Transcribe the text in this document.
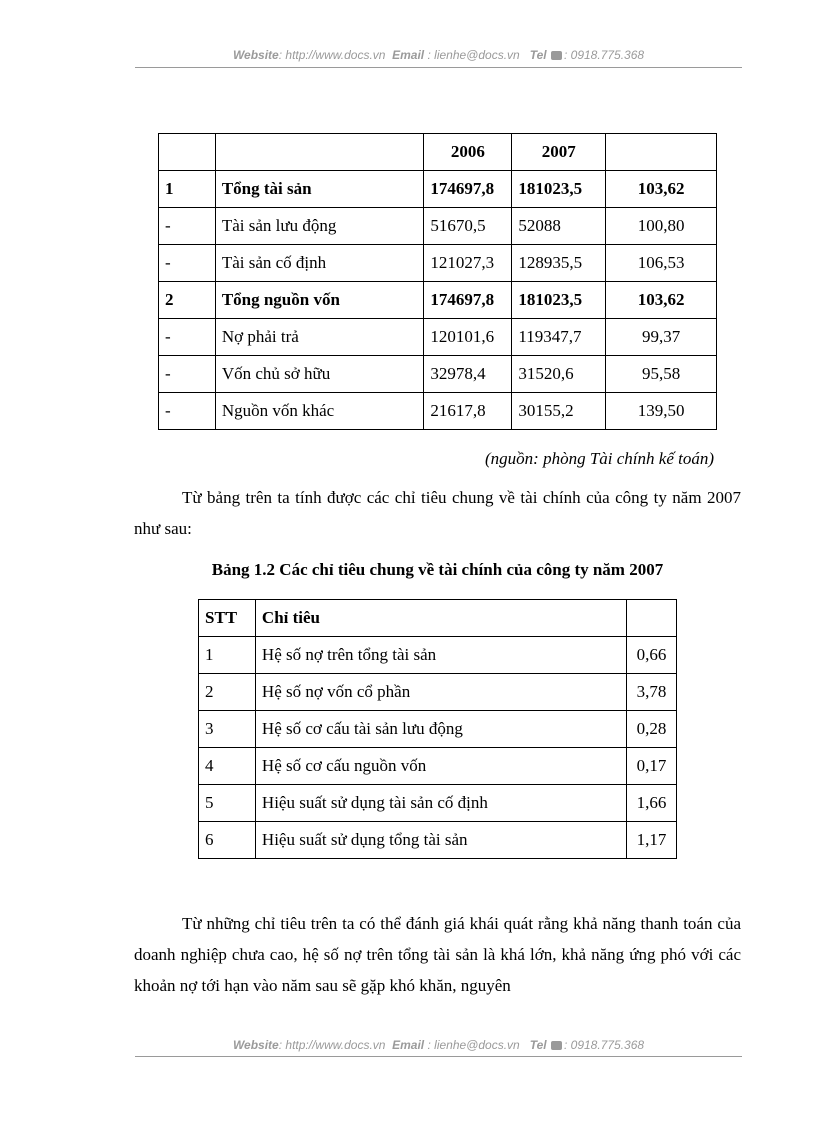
Website: http://www.docs.vn Email : lienhe@docs.vn Tel : 0918.775.368
		2006	2007	
1	Tổng tài sản	174697,8	181023,5	103,62
-	Tài sản lưu động	51670,5	52088	100,80
-	Tài sản cố định	121027,3	128935,5	106,53
2	Tổng nguồn vốn	174697,8	181023,5	103,62
-	Nợ phải trả	120101,6	119347,7	99,37
-	Vốn chủ sở hữu	32978,4	31520,6	95,58
-	Nguồn vốn khác	21617,8	30155,2	139,50
(nguồn: phòng Tài chính kế toán)

Từ bảng trên ta tính được các chỉ tiêu chung về tài chính của công ty năm 2007 như sau:

Bảng 1.2 Các chỉ tiêu chung về tài chính của công ty năm 2007
STT	Chỉ tiêu	
1	Hệ số nợ trên tổng tài sản	0,66
2	Hệ số nợ vốn cổ phần	3,78
3	Hệ số cơ cấu tài sản lưu động	0,28
4	Hệ số cơ cấu nguồn vốn	0,17
5	Hiệu suất sử dụng tài sản cố định	1,66
6	Hiệu suất sử dụng tổng tài sản	1,17

Từ những chỉ tiêu trên ta có thể đánh giá khái quát rằng khả năng thanh toán của doanh nghiệp chưa cao, hệ số nợ trên tổng tài sản là khá lớn, khả năng ứng phó với các khoản nợ tới hạn vào năm sau sẽ gặp khó khăn, nguyên

Website: http://www.docs.vn Email : lienhe@docs.vn Tel : 0918.775.368
